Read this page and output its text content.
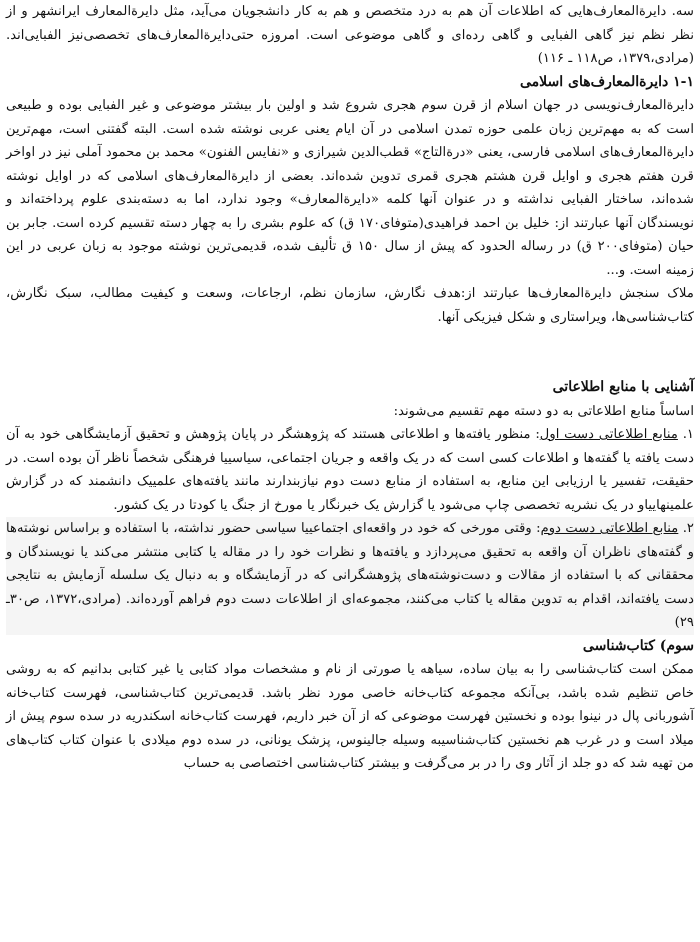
سه. دایرةالمعارف‌هایی که اطلاعات آن هم به درد متخصص و هم به کار دانشجویان می‌آید، مثل دایرةالمعارف ایرانشهر و از نظر نظم نیز گاهی الفبایی و گاهی رده‌ای و گاهی موضوعی است. امروزه حتی‌دایرةالمعارف‌های تخصصی‌نیز الفبایی‌اند. (مرادی،۱۳۷۹، ص۱۱۸ ـ ۱۱۶)

۱-۱ دایرةالمعارف‌های اسلامی

دایرةالمعارف‌نویسی در جهان اسلام از قرن سوم هجری شروع شد و اولین بار بیشتر موضوعی و غیر الفبایی بوده و طبیعی است که به مهم‌ترین زبان علمی حوزه تمدن اسلامی در آن ایام یعنی عربی نوشته شده است. البته گفتنی است، مهم‌ترین دایرةالمعارف‌های اسلامی فارسی، یعنی «درةالتاج» قطب‌الدین شیرازی و «نفایس الفنون» محمد بن محمود آملی نیز در اواخر قرن هفتم هجری و اوایل قرن هشتم هجری قمری تدوین شده‌اند. بعضی از دایرةالمعارف‌های اسلامی که در اوایل نوشته شده‌اند، ساختار الفبایی نداشته و در عنوان آنها کلمه «دایرةالمعارف» وجود ندارد، اما به دسته‌بندی علوم پرداخته‌اند و نویسندگان آنها عبارتند از: خلیل بن احمد فراهیدی(متوفای۱۷۰ ق) که علوم بشری را به چهار دسته تقسیم کرده است. جابر بن حیان (متوفای۲۰۰ ق) در رساله الحدود که پیش از سال ۱۵۰ ق تألیف شده، قدیمی‌ترین نوشته موجود به زبان عربی در این زمینه است. و...

ملاک سنجش دایرةالمعارف‌ها عبارتند از:هدف نگارش، سازمان نظم، ارجاعات، وسعت و کیفیت مطالب، سبک نگارش، کتاب‌شناسی‌ها، ویراستاری و شکل فیزیکی آنها.

آشنایی با منابع اطلاعاتی

اساساً منابع اطلاعاتی به دو دسته مهم تقسیم می‌شوند:

۱. منابع اطلاعاتی دست اول: منظور یافته‌ها و اطلاعاتی هستند که پژوهشگر در پایان پژوهش و تحقیق آزمایشگاهی خود به آن دست یافته یا گفته‌ها و اطلاعات کسی است که در یک واقعه و جریان اجتماعی، سیاسییا فرهنگی شخصاً ناظر آن بوده است. در حقیقت، تفسیر یا ارزیابی این منابع، به استفاده از منابع دست دوم نیازبندارند مانند یافته‌های علمییک دانشمند که در گزارش علمینهاییاو در یک نشریه تخصصی چاپ می‌شود یا گزارش یک خبرنگار یا مورخ از جنگ یا کودتا در یک کشور.

۲. منابع اطلاعاتی دست دوم: وقتی مورخی که خود در واقعه‌ای اجتماعییا سیاسی حضور نداشته، با استفاده و براساس نوشته‌ها و گفته‌های ناظران آن واقعه به تحقیق می‌پردازد و یافته‌ها و نظرات خود را در مقاله یا کتابی منتشر می‌کند یا نویسندگان و محققانی که با استفاده از مقالات و دست‌نوشته‌های پژوهشگرانی که در آزمایشگاه و به دنبال یک سلسله آزمایش به نتایجی دست یافته‌اند، اقدام به تدوین مقاله یا کتاب می‌کنند، مجموعه‌ای از اطلاعات دست دوم فراهم آورده‌اند. (مرادی،۱۳۷۲، ص۳۰ـ ۲۹)

سوم) کتاب‌شناسی

ممکن است کتاب‌شناسی را به بیان ساده، سیاهه یا صورتی از نام و مشخصات مواد کتابی یا غیر کتابی بدانیم که به روشی خاص تنظیم شده باشد، بی‌آنکه مجموعه کتاب‌خانه خاصی مورد نظر باشد. قدیمی‌ترین کتاب‌شناسی، فهرست کتاب‌خانه آشوربانی پال در نینوا بوده و نخستین فهرست موضوعی که از آن خبر داریم، فهرست کتاب‌خانه اسکندریه در سده سوم پیش از میلاد است و در غرب هم نخستین کتاب‌شناسیبه وسیله جالینوس، پزشک یونانی، در سده دوم میلادی با عنوان کتاب کتاب‌های من تهیه شد که دو جلد از آثار وی را در بر می‌گرفت و بیشتر کتاب‌شناسی اختصاصی به حساب
